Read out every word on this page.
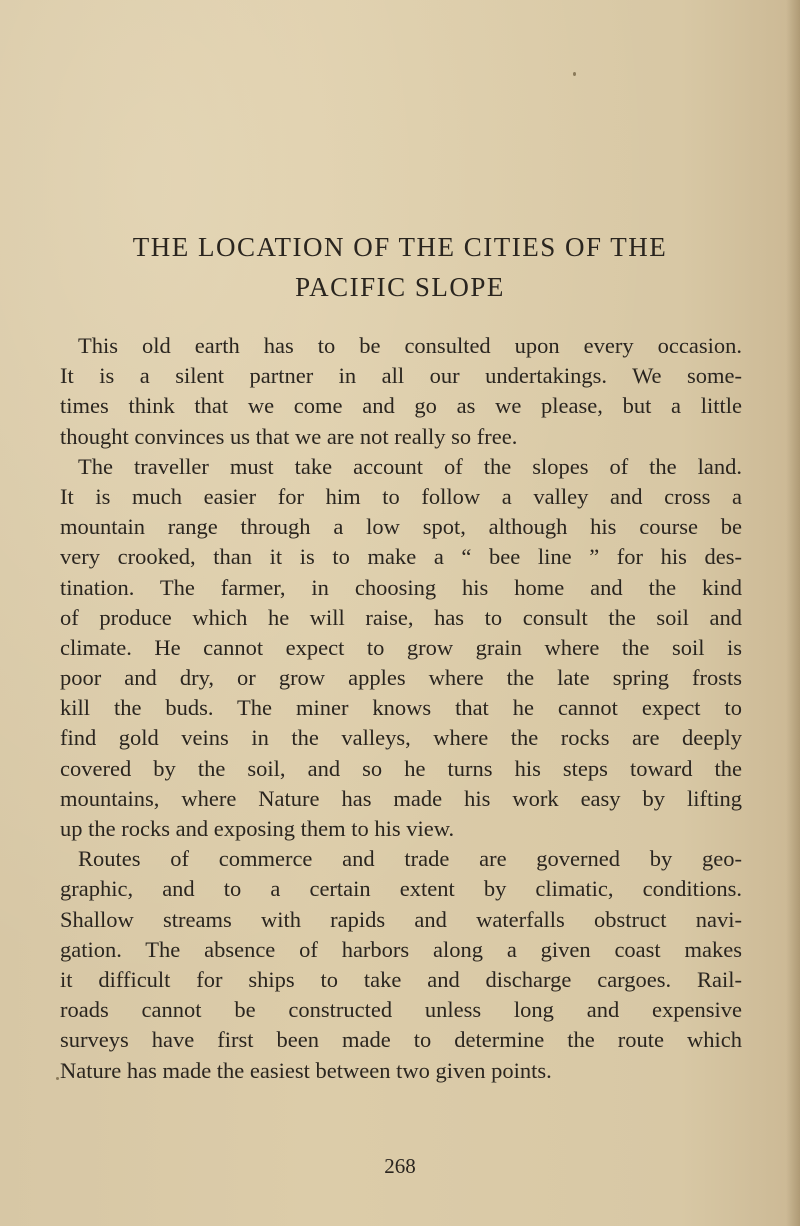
THE LOCATION OF THE CITIES OF THE
PACIFIC SLOPE
This old earth has to be consulted upon every occasion.
It is a silent partner in all our undertakings. We some-
times think that we come and go as we please, but a little
thought convinces us that we are not really so free.
The traveller must take account of the slopes of the land.
It is much easier for him to follow a valley and cross a
mountain range through a low spot, although his course be
very crooked, than it is to make a “ bee line ” for his des-
tination. The farmer, in choosing his home and the kind
of produce which he will raise, has to consult the soil and
climate. He cannot expect to grow grain where the soil is
poor and dry, or grow apples where the late spring frosts
kill the buds. The miner knows that he cannot expect to
find gold veins in the valleys, where the rocks are deeply
covered by the soil, and so he turns his steps toward the
mountains, where Nature has made his work easy by lifting
up the rocks and exposing them to his view.
Routes of commerce and trade are governed by geo-
graphic, and to a certain extent by climatic, conditions.
Shallow streams with rapids and waterfalls obstruct navi-
gation. The absence of harbors along a given coast makes
it difficult for ships to take and discharge cargoes. Rail-
roads cannot be constructed unless long and expensive
surveys have first been made to determine the route which
Nature has made the easiest between two given points.
268
